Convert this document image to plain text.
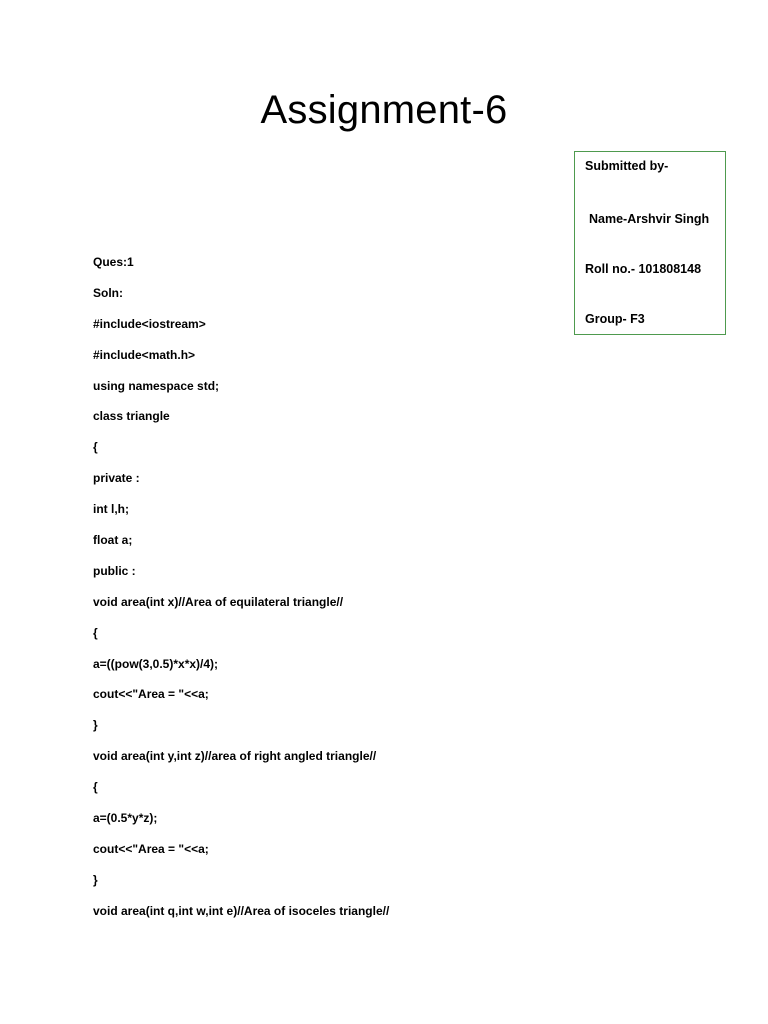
Assignment-6
Submitted by-
Name-Arshvir Singh
Roll no.- 101808148
Group- F3
Ques:1
Soln:
#include<iostream>
#include<math.h>
using namespace std;
class triangle
{
private :
int l,h;
float a;
public :
void area(int x)//Area of equilateral triangle//
{
a=((pow(3,0.5)*x*x)/4);
cout<<"Area = "<<a;
}
void area(int y,int z)//area of right angled triangle//
{
a=(0.5*y*z);
cout<<"Area = "<<a;
}
void area(int q,int w,int e)//Area of isoceles triangle//
